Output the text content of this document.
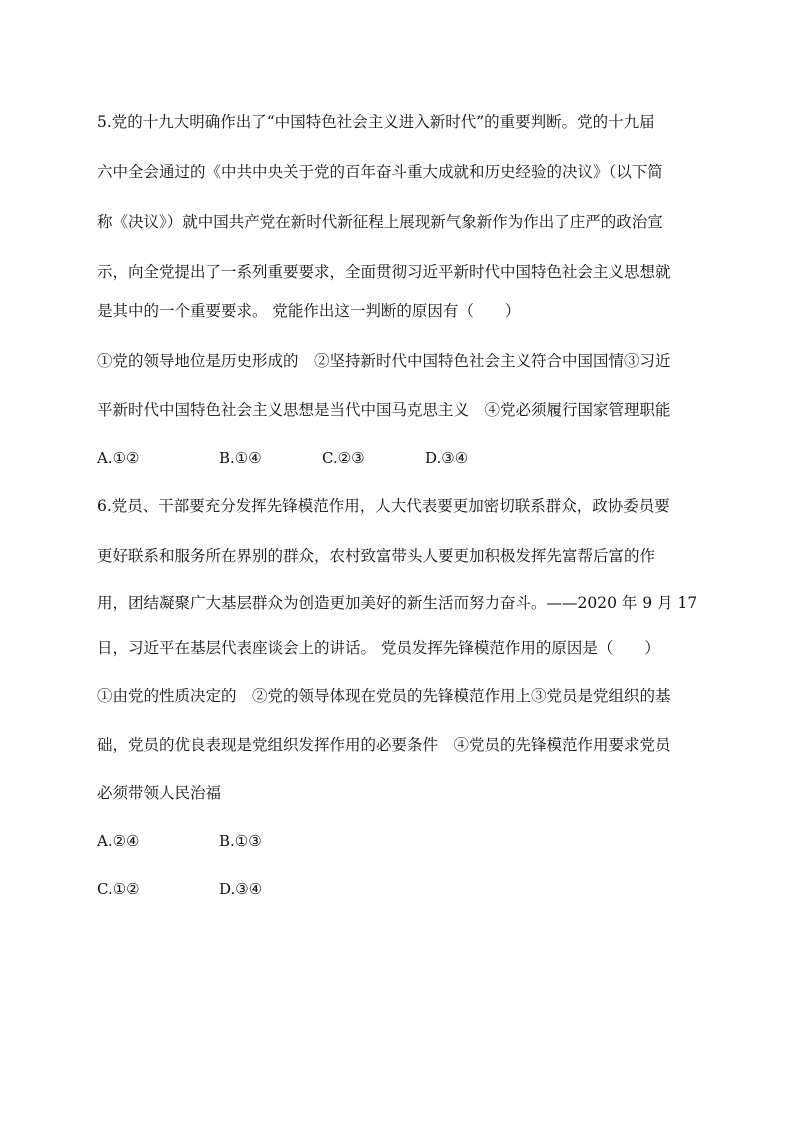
5.党的十九大明确作出了“中国特色社会主义进入新时代”的重要判断。党的十九届
六中全会通过的《中共中央关于党的百年奋斗重大成就和历史经验的决议》（以下简
称《决议》）就中国共产党在新时代新征程上展现新气象新作为作出了庄严的政治宣
示，向全党提出了一系列重要要求，全面贯彻习近平新时代中国特色社会主义思想就
是其中的一个重要要求。 党能作出这一判断的原因有（　　）
①党的领导地位是历史形成的　②坚持新时代中国特色社会主义符合中国国情③习近
平新时代中国特色社会主义思想是当代中国马克思主义　④党必须履行国家管理职能
A.①②	B.①④	C.②③	D.③④
6.党员、干部要充分发挥先锋模范作用，人大代表要更加密切联系群众，政协委员要
更好联系和服务所在界别的群众，农村致富带头人要更加积极发挥先富帮后富的作
用，团结凝聚广大基层群众为创造更加美好的新生活而努力奋斗。——2020 年 9 月 17
日，习近平在基层代表座谈会上的讲话。 党员发挥先锋模范作用的原因是（　　）
①由党的性质决定的　②党的领导体现在党员的先锋模范作用上③党员是党组织的基
础，党员的优良表现是党组织发挥作用的必要条件　④党员的先锋模范作用要求党员
必须带领人民治福
A.②④	B.①③
C.①②	D.③④
